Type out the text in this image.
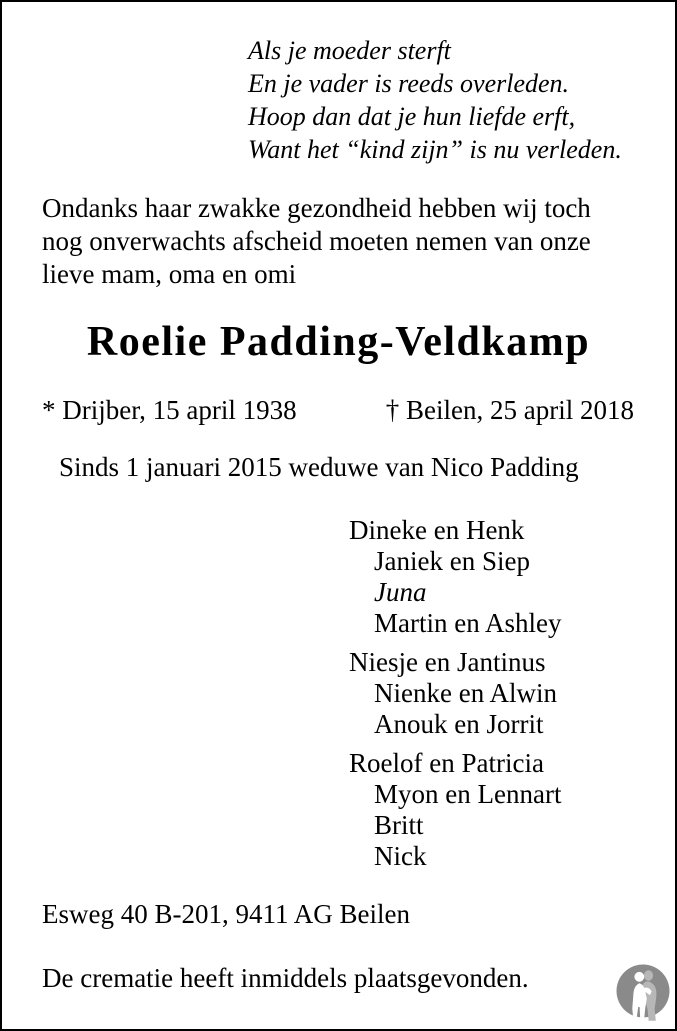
Als je moeder sterft
En je vader is reeds overleden.
Hoop dan dat je hun liefde erft,
Want het “kind zijn” is nu verleden.
Ondanks haar zwakke gezondheid hebben wij toch
nog onverwachts afscheid moeten nemen van onze
lieve mam, oma en omi
Roelie Padding-Veldkamp
* Drijber, 15 april 1938	† Beilen, 25 april 2018
Sinds 1 januari 2015 weduwe van Nico Padding
Dineke en Henk
Janiek en Siep
Juna
Martin en Ashley
Niesje en Jantinus
Nienke en Alwin
Anouk en Jorrit
Roelof en Patricia
Myon en Lennart
Britt
Nick
Esweg 40 B-201, 9411 AG Beilen
De crematie heeft inmiddels plaatsgevonden.
